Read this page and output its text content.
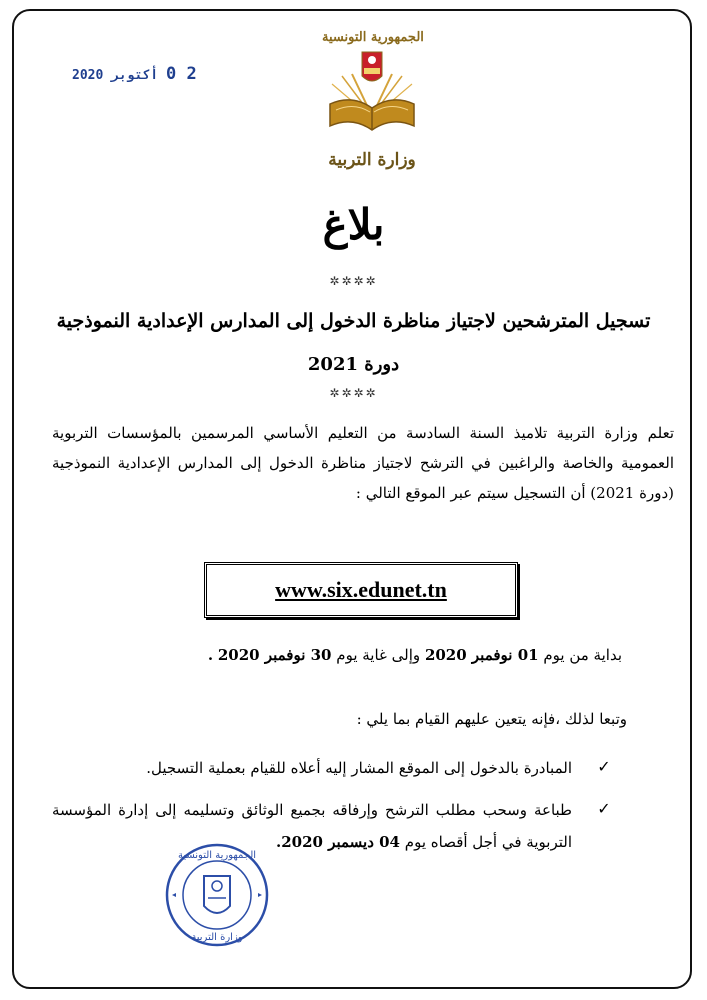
2 0 أكتوبر 2020
الجمهورية التونسية
وزارة التربية
بلاغ
✲✲✲✲
تسجيل المترشحين لاجتياز مناظرة الدخول إلى المدارس الإعدادية النموذجية
دورة 2021
✲✲✲✲
تعلم وزارة التربية تلاميذ السنة السادسة من التعليم الأساسي المرسمين بالمؤسسات التربوية العمومية والخاصة والراغبين في الترشح لاجتياز مناظرة الدخول إلى المدارس الإعدادية النموذجية (دورة 2021) أن التسجيل سيتم عبر الموقع التالي :
www.six.edunet.tn
بداية من يوم 01 نوفمبر 2020 وإلى غاية يوم 30 نوفمبر 2020 .
وتبعا لذلك ،فإنه يتعين عليهم القيام بما يلي :
✓
المبادرة بالدخول إلى الموقع المشار إليه أعلاه للقيام بعملية التسجيل.
✓
طباعة وسحب مطلب الترشح وإرفاقه بجميع الوثائق وتسليمه إلى إدارة المؤسسة التربوية في أجل أقصاه يوم 04 ديسمبر 2020.
الجمهورية التونسية
وزارة التربية
